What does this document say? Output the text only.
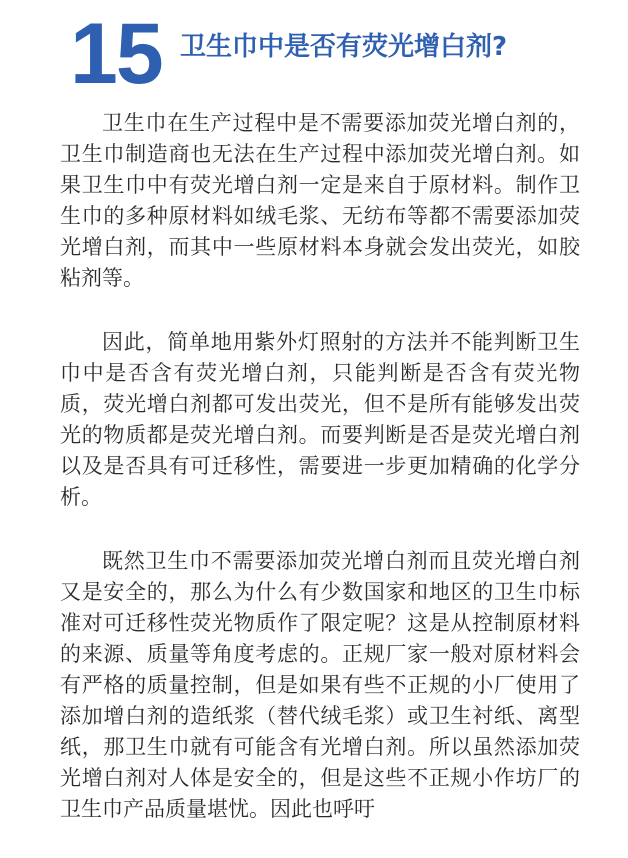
15 卫生巾中是否有荧光增白剂?

卫生巾在生产过程中是不需要添加荧光增白剂的，卫生巾制造商也无法在生产过程中添加荧光增白剂。如果卫生巾中有荧光增白剂一定是来自于原材料。制作卫生巾的多种原材料如绒毛浆、无纺布等都不需要添加荧光增白剂，而其中一些原材料本身就会发出荧光，如胶粘剂等。

因此，简单地用紫外灯照射的方法并不能判断卫生巾中是否含有荧光增白剂，只能判断是否含有荧光物质，荧光增白剂都可发出荧光，但不是所有能够发出荧光的物质都是荧光增白剂。而要判断是否是荧光增白剂以及是否具有可迁移性，需要进一步更加精确的化学分析。

既然卫生巾不需要添加荧光增白剂而且荧光增白剂又是安全的，那么为什么有少数国家和地区的卫生巾标准对可迁移性荧光物质作了限定呢？这是从控制原材料的来源、质量等角度考虑的。正规厂家一般对原材料会有严格的质量控制，但是如果有些不正规的小厂使用了添加增白剂的造纸浆（替代绒毛浆）或卫生衬纸、离型纸，那卫生巾就有可能含有光增白剂。所以虽然添加荧光增白剂对人体是安全的，但是这些不正规小作坊厂的卫生巾产品质量堪忧。因此也呼吁
